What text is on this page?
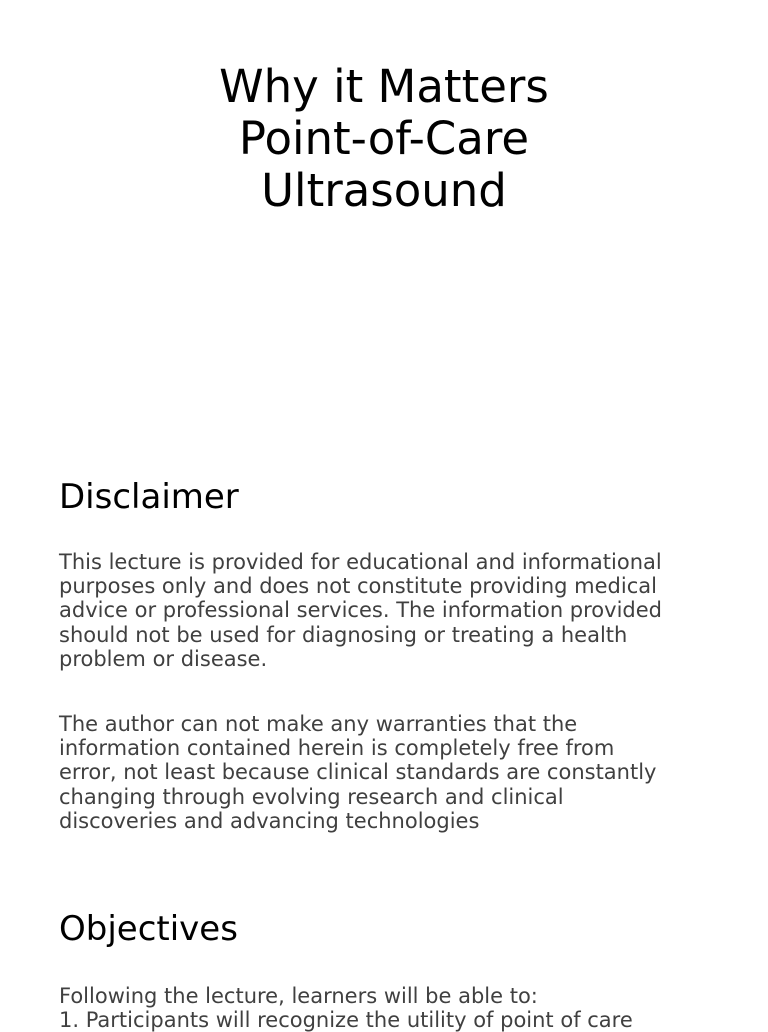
Why it Matters
Point-of-Care
Ultrasound
Disclaimer
This lecture is provided for educational and informational
purposes only and does not constitute providing medical
advice or professional services. The information provided
should not be used for diagnosing or treating a health
problem or disease.
The author can not make any warranties that the
information contained herein is completely free from
error, not least because clinical standards are constantly
changing through evolving research and clinical
discoveries and advancing technologies
Objectives
Following the lecture, learners will be able to:
1. Participants will recognize the utility of point of care
